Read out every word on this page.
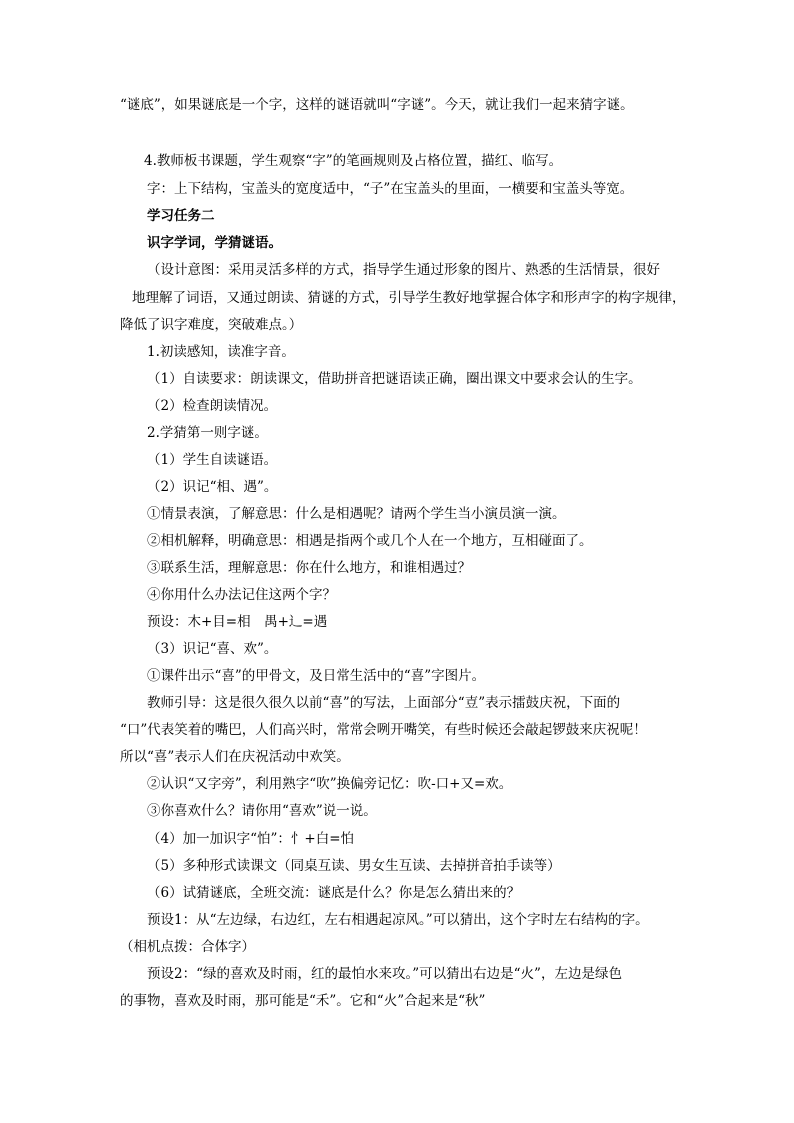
“谜底”，如果谜底是一个字，这样的谜语就叫“字谜”。今天，就让我们一起来猜字谜。
4.教师板书课题，学生观察“字”的笔画规则及占格位置，描红、临写。
字：上下结构，宝盖头的宽度适中，“子”在宝盖头的里面，一横要和宝盖头等宽。
学习任务二
识字学词，学猜谜语。
（设计意图：采用灵活多样的方式，指导学生通过形象的图片、熟悉的生活情景，很好
地理解了词语，又通过朗读、猜谜的方式，引导学生教好地掌握合体字和形声字的构字规律，
降低了识字难度，突破难点。）
1.初读感知，读准字音。
（1）自读要求：朗读课文，借助拼音把谜语读正确，圈出课文中要求会认的生字。
（2）检查朗读情况。
2.学猜第一则字谜。
（1）学生自读谜语。
（2）识记“相、遇”。
①情景表演，了解意思：什么是相遇呢？请两个学生当小演员演一演。
②相机解释，明确意思：相遇是指两个或几个人在一个地方，互相碰面了。
③联系生活，理解意思：你在什么地方，和谁相遇过？
④你用什么办法记住这两个字？
预设：木+目=相　禺+辶=遇
（3）识记“喜、欢”。
①课件出示“喜”的甲骨文，及日常生活中的“喜”字图片。
教师引导：这是很久很久以前“喜”的写法，上面部分“壴”表示擂鼓庆祝，下面的
“口”代表笑着的嘴巴，人们高兴时，常常会咧开嘴笑，有些时候还会敲起锣鼓来庆祝呢！
所以“喜”表示人们在庆祝活动中欢笑。
②认识“又字旁”，利用熟字“吹”换偏旁记忆：吹-口+又=欢。
③你喜欢什么？请你用“喜欢”说一说。
（4）加一加识字“怕”：忄+白=怕
（5）多种形式读课文（同桌互读、男女生互读、去掉拼音拍手读等）
（6）试猜谜底，全班交流：谜底是什么？你是怎么猜出来的？
预设1：从“左边绿，右边红，左右相遇起凉风。”可以猜出，这个字时左右结构的字。
（相机点拨：合体字）
预设2：“绿的喜欢及时雨，红的最怕水来攻。”可以猜出右边是“火”，左边是绿色
的事物，喜欢及时雨，那可能是“禾”。它和“火”合起来是“秋”
